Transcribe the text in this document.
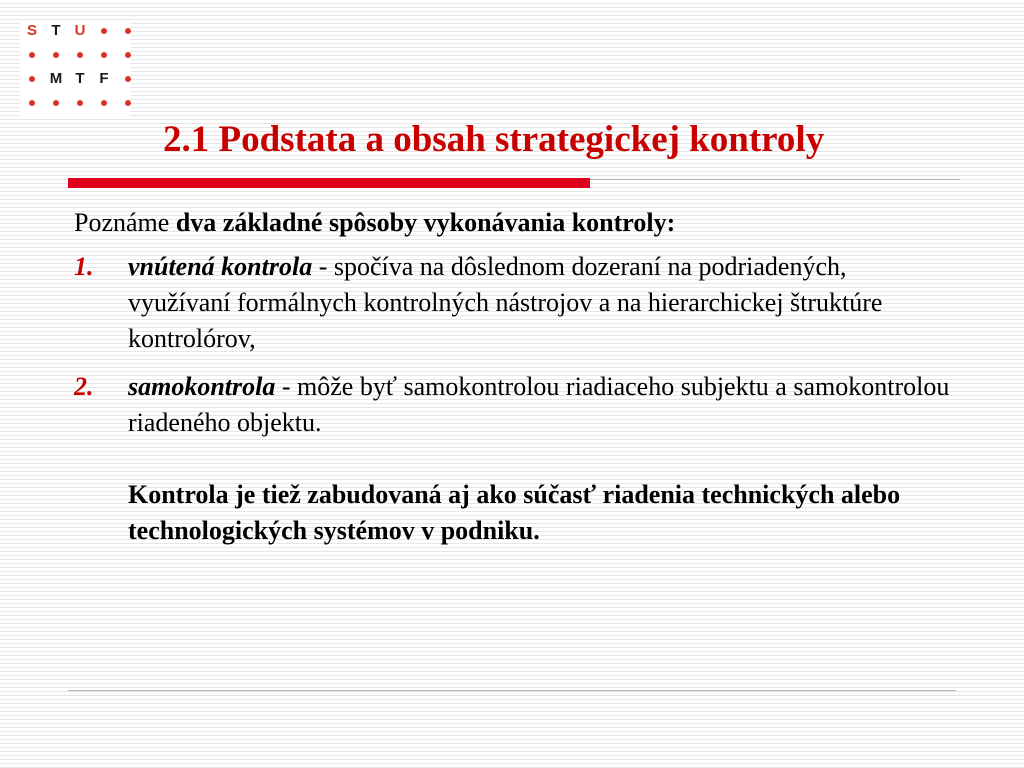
S T U
M T F
2.1 Podstata a obsah strategickej kontroly

Poznáme dva základné spôsoby vykonávania kontroly:

1. vnútená kontrola - spočíva na dôslednom dozeraní na podriadených, využívaní formálnych kontrolných nástrojov a na hierarchickej štruktúre kontrolórov,
2. samokontrola - môže byť samokontrolou riadiaceho subjektu a samokontrolou riadeného objektu.

Kontrola je tiež zabudovaná aj ako súčasť riadenia technických alebo technologických systémov v podniku.
